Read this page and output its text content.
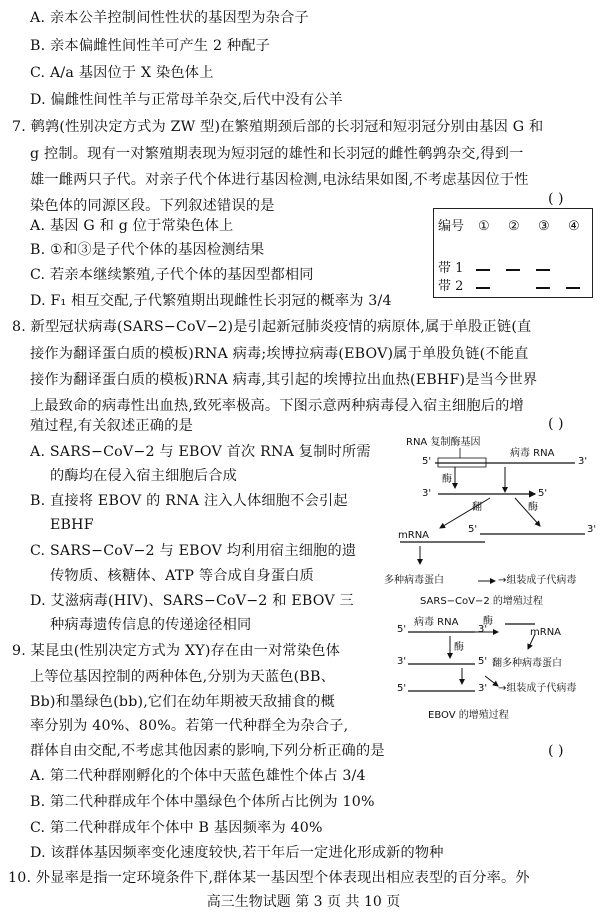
A. 亲本公羊控制间性性状的基因型为杂合子
B. 亲本偏雌性间性羊可产生 2 种配子
C. A/a 基因位于 X 染色体上
D. 偏雌性间性羊与正常母羊杂交,后代中没有公羊
7. 鹌鹑(性别决定方式为 ZW 型)在繁殖期颈后部的长羽冠和短羽冠分别由基因 G 和
g 控制。现有一对繁殖期表现为短羽冠的雄性和长羽冠的雌性鹌鹑杂交,得到一
雄一雌两只子代。对亲子代个体进行基因检测,电泳结果如图,不考虑基因位于性
染色体的同源区段。下列叙述错误的是	( )
A. 基因 G 和 g 位于常染色体上
B. ①和③是子代个体的基因检测结果
C. 若亲本继续繁殖,子代个体的基因型都相同
D. F₁ 相互交配,子代繁殖期出现雌性长羽冠的概率为 3/4
编号 ① ② ③ ④
带 1
带 2
8. 新型冠状病毒(SARS−CoV−2)是引起新冠肺炎疫情的病原体,属于单股正链(直
接作为翻译蛋白质的模板)RNA 病毒;埃博拉病毒(EBOV)属于单股负链(不能直
接作为翻译蛋白质的模板)RNA 病毒,其引起的埃博拉出血热(EBHF)是当今世界
上最致命的病毒性出血热,致死率极高。下图示意两种病毒侵入宿主细胞后的增
殖过程,有关叙述正确的是	( )
A. SARS−CoV−2 与 EBOV 首次 RNA 复制时所需
的酶均在侵入宿主细胞后合成
B. 直接将 EBOV 的 RNA 注入人体细胞不会引起
EBHF
C. SARS−CoV−2 与 EBOV 均利用宿主细胞的遗
传物质、核糖体、ATP 等合成自身蛋白质
D. 艾滋病毒(HIV)、SARS−CoV−2 和 EBOV 三
种病毒遗传信息的传递途径相同
RNA 复制酶基因
病毒 RNA
5'	3'
酶
3'	5'
翻	酶
5'	3'
mRNA
多种病毒蛋白	→组装成子代病毒
SARS−CoV−2 的增殖过程
5'
病毒 RNA
3'
酶
mRNA
酶
3'	5' 翻多种病毒蛋白
5'	3' →组装成子代病毒
EBOV 的增殖过程
9. 某昆虫(性别决定方式为 XY)存在由一对常染色体
上等位基因控制的两种体色,分别为天蓝色(BB、
Bb)和墨绿色(bb),它们在幼年期被天敌捕食的概
率分别为 40%、80%。若第一代种群全为杂合子,
群体自由交配,不考虑其他因素的影响,下列分析正确的是	( )
A. 第二代种群刚孵化的个体中天蓝色雄性个体占 3/4
B. 第二代种群成年个体中墨绿色个体所占比例为 10%
C. 第二代种群成年个体中 B 基因频率为 40%
D. 该群体基因频率变化速度较快,若干年后一定进化形成新的物种
10. 外显率是指一定环境条件下,群体某一基因型个体表现出相应表型的百分率。外
高三生物试题 第 3 页 共 10 页
